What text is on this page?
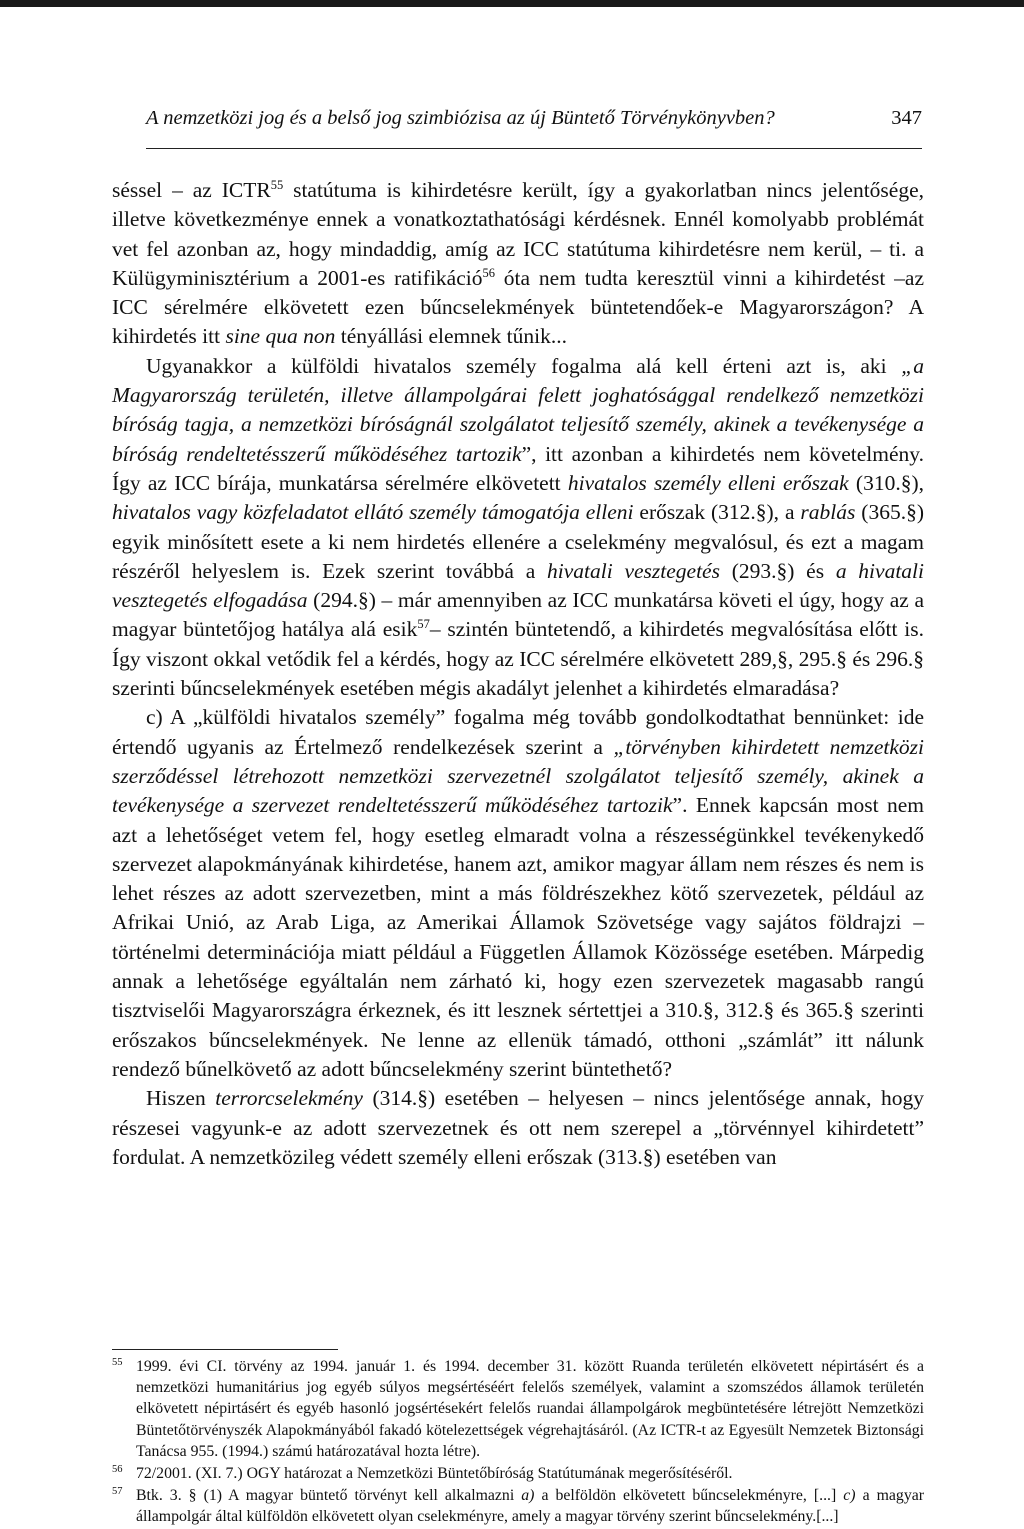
A nemzetközi jog és a belső jog szimbiózisa az új Büntető Törvénykönyvben?	347

séssel – az ICTR$^{55}$ statútuma is kihirdetésre került, így a gyakorlatban nincs jelentősége, illetve következménye ennek a vonatkoztathatósági kérdésnek. Ennél komolyabb problémát vet fel azonban az, hogy mindaddig, amíg az ICC statútuma kihirdetésre nem kerül, – ti. a Külügyminisztérium a 2001-es ratifikáció$^{56}$ óta nem tudta keresztül vinni a kihirdetést –az ICC sérelmére elkövetett ezen bűncselekmények büntetendőek-e Magyarországon? A kihirdetés itt sine qua non tényállási elemnek tűnik...

Ugyanakkor a külföldi hivatalos személy fogalma alá kell érteni azt is, aki „a Magyarország területén, illetve állampolgárai felett joghatósággal rendelkező nemzetközi bíróság tagja, a nemzetközi bíróságnál szolgálatot teljesítő személy, akinek a tevékenysége a bíróság rendeltetésszerű működéséhez tartozik”, itt azonban a kihirdetés nem követelmény. Így az ICC bírája, munkatársa sérelmére elkövetett hivatalos személy elleni erőszak (310.§), hivatalos vagy közfeladatot ellátó személy támogatója elleni erőszak (312.§), a rablás (365.§) egyik minősített esete a ki nem hirdetés ellenére a cselekmény megvalósul, és ezt a magam részéről helyeslem is. Ezek szerint továbbá a hivatali vesztegetés (293.§) és a hivatali vesztegetés elfogadása (294.§) – már amennyiben az ICC munkatársa követi el úgy, hogy az a magyar büntetőjog hatálya alá esik$^{57}$– szintén büntetendő, a kihirdetés megvalósítása előtt is. Így viszont okkal vetődik fel a kérdés, hogy az ICC sérelmére elkövetett 289,§, 295.§ és 296.§ szerinti bűncselekmények esetében mégis akadályt jelenhet a kihirdetés elmaradása?

c) A „külföldi hivatalos személy” fogalma még tovább gondolkodtathat bennünket: ide értendő ugyanis az Értelmező rendelkezések szerint a „törvényben kihirdetett nemzetközi szerződéssel létrehozott nemzetközi szervezetnél szolgálatot teljesítő személy, akinek a tevékenysége a szervezet rendeltetésszerű működéséhez tartozik”. Ennek kapcsán most nem azt a lehetőséget vetem fel, hogy esetleg elmaradt volna a részességünkkel tevékenykedő szervezet alapokmányának kihirdetése, hanem azt, amikor magyar állam nem részes és nem is lehet részes az adott szervezetben, mint a más földrészekhez kötő szervezetek, például az Afrikai Unió, az Arab Liga, az Amerikai Államok Szövetsége vagy sajátos földrajzi –történelmi determinációja miatt például a Független Államok Közössége esetében. Márpedig annak a lehetősége egyáltalán nem zárható ki, hogy ezen szervezetek magasabb rangú tisztviselői Magyarországra érkeznek, és itt lesznek sértettjei a 310.§, 312.§ és 365.§ szerinti erőszakos bűncselekmények. Ne lenne az ellenük támadó, otthoni „számlát” itt nálunk rendező bűnelkövető az adott bűncselekmény szerint büntethető?

Hiszen terrorcselekmény (314.§) esetében – helyesen – nincs jelentősége annak, hogy részesei vagyunk-e az adott szervezetnek és ott nem szerepel a „törvénnyel kihirdetett” fordulat. A nemzetközileg védett személy elleni erőszak (313.§) esetében van

55 1999. évi CI. törvény az 1994. január 1. és 1994. december 31. között Ruanda területén elkövetett népirtásért és a nemzetközi humanitárius jog egyéb súlyos megsértéséért felelős személyek, valamint a szomszédos államok területén elkövetett népirtásért és egyéb hasonló jogsértésekért felelős ruandai állampolgárok megbüntetésére létrejött Nemzetközi Büntetőtörvényszék Alapokmányából fakadó kötelezettségek végrehajtásáról. (Az ICTR-t az Egyesült Nemzetek Biztonsági Tanácsa 955. (1994.) számú határozatával hozta létre).
56 72/2001. (XI. 7.) OGY határozat a Nemzetközi Büntetőbíróság Statútumának megerősítéséről.
57 Btk. 3. § (1) A magyar büntető törvényt kell alkalmazni a) a belföldön elkövetett bűncselekményre, [...] c) a magyar állampolgár által külföldön elkövetett olyan cselekményre, amely a magyar törvény szerint bűncselekmény.[...]
